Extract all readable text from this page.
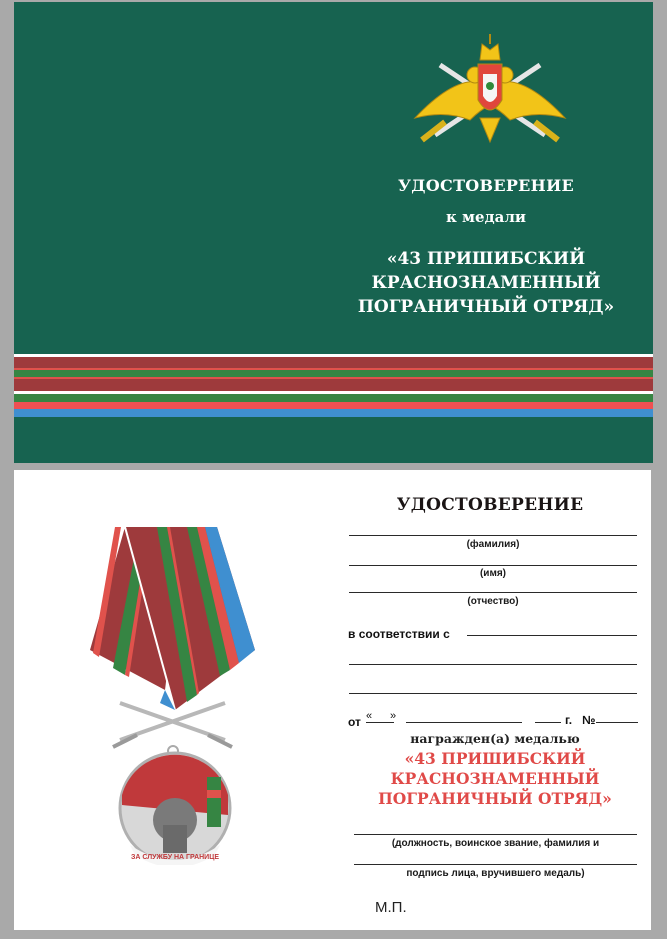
УДОСТОВЕРЕНИЕ
к медали
«43 ПРИШИБСКИЙ
КРАСНОЗНАМЕННЫЙ
ПОГРАНИЧНЫЙ ОТРЯД»
УДОСТОВЕРЕНИЕ
(фамилия)
(имя)
(отчество)
в соответствии с
от « »	г. №
награжден(а) медалью
«43 ПРИШИБСКИЙ
КРАСНОЗНАМЕННЫЙ
ПОГРАНИЧНЫЙ ОТРЯД»
(должность, воинское звание, фамилия и
подпись лица, вручившего медаль)
М.П.
ЗА СЛУЖБУ НА ГРАНИЦЕ
